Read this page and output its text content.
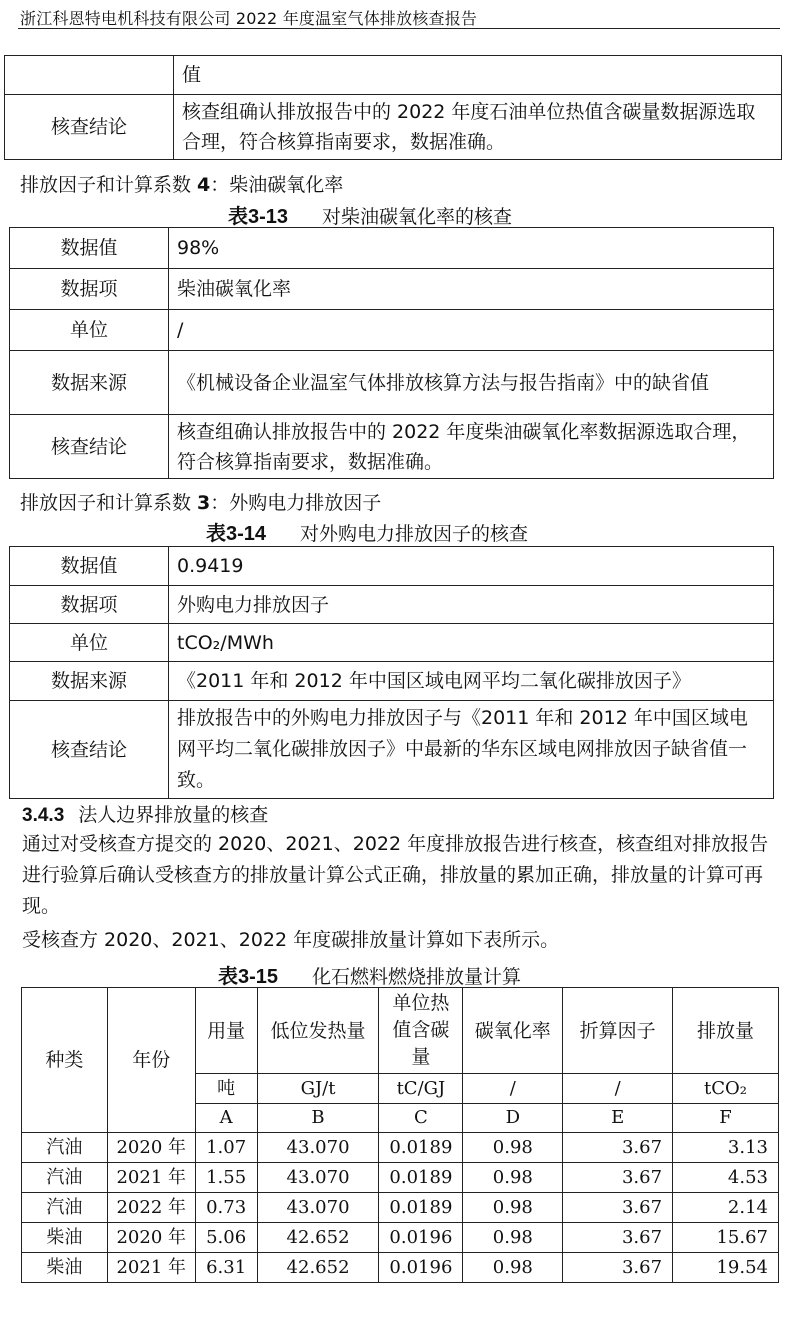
浙江科恩特电机科技有限公司 2022 年度温室气体排放核查报告
	值
核查结论	核查组确认排放报告中的 2022 年度石油单位热值含碳量数据源选取合理，符合核算指南要求，数据准确。
排放因子和计算系数 4：柴油碳氧化率
表3-13 对柴油碳氧化率的核查
数据值	98%
数据项	柴油碳氧化率
单位	/
数据来源	《机械设备企业温室气体排放核算方法与报告指南》中的缺省值
核查结论	核查组确认排放报告中的 2022 年度柴油碳氧化率数据源选取合理，符合核算指南要求，数据准确。
排放因子和计算系数 3：外购电力排放因子
表3-14 对外购电力排放因子的核查
数据值	0.9419
数据项	外购电力排放因子
单位	tCO₂/MWh
数据来源	《2011 年和 2012 年中国区域电网平均二氧化碳排放因子》
核查结论	排放报告中的外购电力排放因子与《2011 年和 2012 年中国区域电网平均二氧化碳排放因子》中最新的华东区域电网排放因子缺省值一致。
3.4.3 法人边界排放量的核查
通过对受核查方提交的 2020、2021、2022 年度排放报告进行核查，核查组对排放报告进行验算后确认受核查方的排放量计算公式正确，排放量的累加正确，排放量的计算可再现。
受核查方 2020、2021、2022 年度碳排放量计算如下表所示。
表3-15 化石燃料燃烧排放量计算
种类	年份	用量	低位发热量	单位热值含碳量	碳氧化率	折算因子	排放量
		吨	GJ/t	tC/GJ	/	/	tCO₂
		A	B	C	D	E	F
汽油	2020 年	1.07	43.070	0.0189	0.98	3.67	3.13
汽油	2021 年	1.55	43.070	0.0189	0.98	3.67	4.53
汽油	2022 年	0.73	43.070	0.0189	0.98	3.67	2.14
柴油	2020 年	5.06	42.652	0.0196	0.98	3.67	15.67
柴油	2021 年	6.31	42.652	0.0196	0.98	3.67	19.54
